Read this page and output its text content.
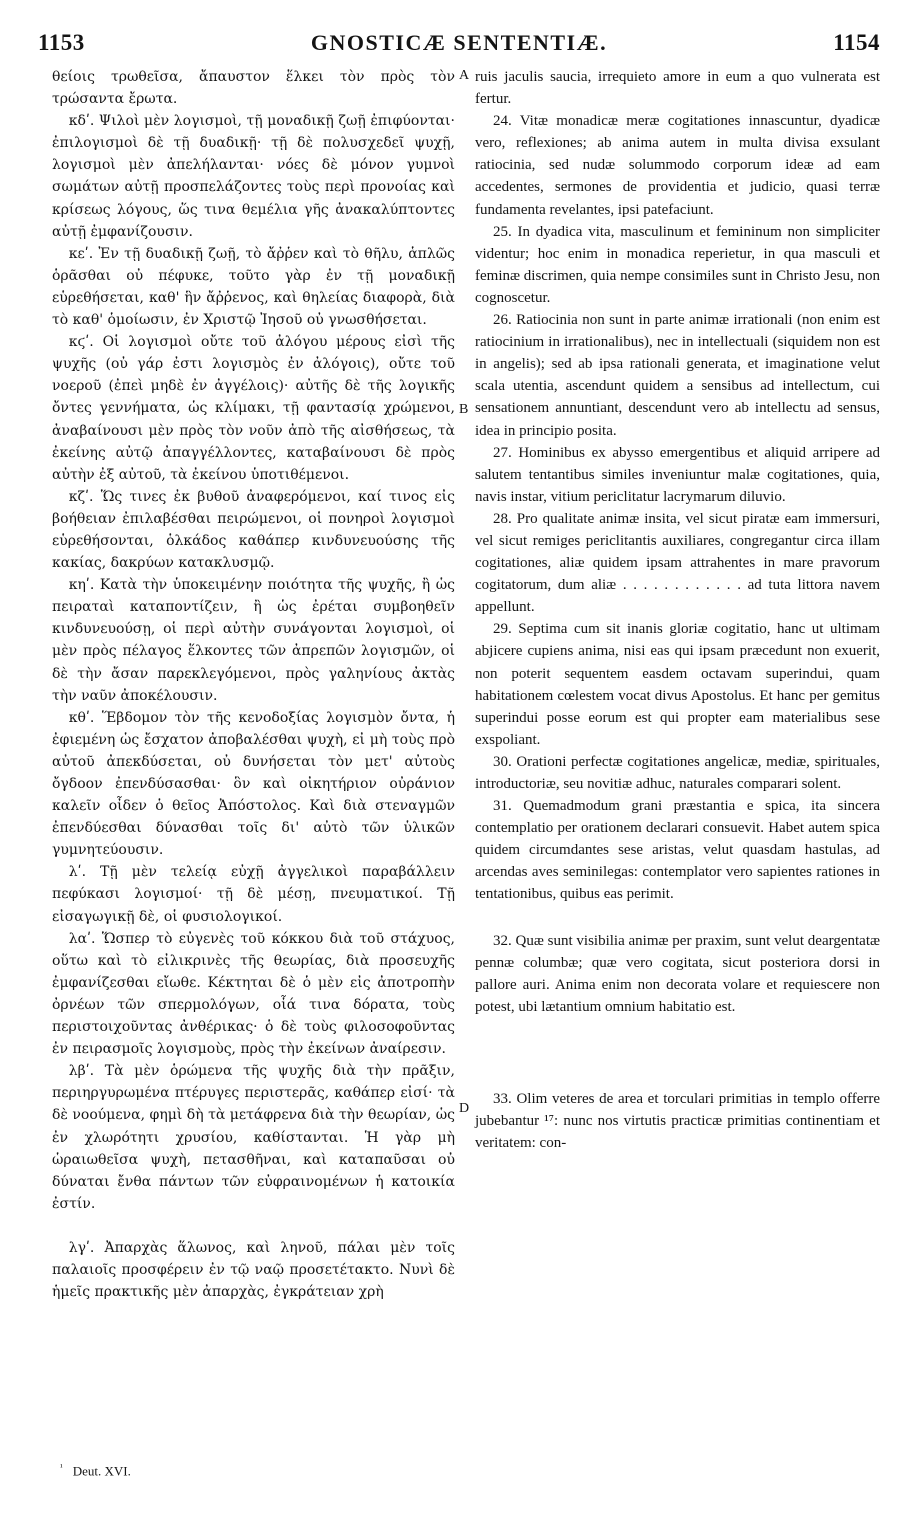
1153	GNOSTICÆ SENTENTIÆ.	1154

θείοις τρωθεῖσα, ἄπαυστον ἕλκει τὸν πρὸς τὸν τρώσαντα ἔρωτα.

κδʹ. Ψιλοὶ μὲν λογισμοὶ, τῇ μοναδικῇ ζωῇ ἐπιφύονται· ἐπιλογισμοὶ δὲ τῇ δυαδικῇ· τῇ δὲ πολυσχεδεῖ ψυχῇ, λογισμοὶ μὲν ἀπελήλανται· νόες δὲ μόνον γυμνοὶ σωμάτων αὐτῇ προσπελάζοντες τοὺς περὶ προνοίας καὶ κρίσεως λόγους, ὥς τινα θεμέλια γῆς ἀνακαλύπτοντες αὐτῇ ἐμφανίζουσιν.

κεʹ. Ἐν τῇ δυαδικῇ ζωῇ, τὸ ἄῤῥεν καὶ τὸ θῆλυ, ἁπλῶς ὁρᾶσθαι οὐ πέφυκε, τοῦτο γὰρ ἐν τῇ μοναδικῇ εὑρεθήσεται, καθ' ἣν ἄῤῥενος, καὶ θηλείας διαφορὰ, διὰ τὸ καθ' ὁμοίωσιν, ἐν Χριστῷ Ἰησοῦ οὐ γνωσθήσεται.

κϛʹ. Οἱ λογισμοὶ οὔτε τοῦ ἀλόγου μέρους εἰσὶ τῆς ψυχῆς (οὐ γάρ ἐστι λογισμὸς ἐν ἀλόγοις), οὔτε τοῦ νοεροῦ (ἐπεὶ μηδὲ ἐν ἀγγέλοις)· αὐτῆς δὲ τῆς λογικῆς ὄντες γεννήματα, ὡς κλίμακι, τῇ φαντασίᾳ χρώμενοι, ἀναβαίνουσι μὲν πρὸς τὸν νοῦν ἀπὸ τῆς αἰσθήσεως, τὰ ἐκείνης αὐτῷ ἀπαγγέλλοντες, καταβαίνουσι δὲ πρὸς αὐτὴν ἐξ αὐτοῦ, τὰ ἐκείνου ὑποτιθέμενοι.

κζʹ. Ὥς τινες ἐκ βυθοῦ ἀναφερόμενοι, καί τινος εἰς βοήθειαν ἐπιλαβέσθαι πειρώμενοι, οἱ πονηροὶ λογισμοὶ εὑρεθήσονται, ὁλκάδος καθάπερ κινδυνευούσης τῆς κακίας, δακρύων κατακλυσμῷ.

κηʹ. Κατὰ τὴν ὑποκειμένην ποιότητα τῆς ψυχῆς, ἢ ὡς πειραταὶ καταποντίζειν, ἢ ὡς ἐρέται συμβοηθεῖν κινδυνευούσῃ, οἱ περὶ αὐτὴν συνάγονται λογισμοὶ, οἱ μὲν πρὸς πέλαγος ἕλκοντες τῶν ἀπρεπῶν λογισμῶν, οἱ δὲ τὴν ἄσαν παρεκλεγόμενοι, πρὸς γαληνίους ἀκτὰς τὴν ναῦν ἀποκέλουσιν.

κθʹ. Ἕβδομον τὸν τῆς κενοδοξίας λογισμὸν ὄντα, ἡ ἐφιεμένη ὡς ἔσχατον ἀποβαλέσθαι ψυχὴ, εἰ μὴ τοὺς πρὸ αὐτοῦ ἀπεκδύσεται, οὐ δυνήσεται τὸν μετ' αὐτοὺς ὄγδοον ἐπενδύσασθαι· ὃν καὶ οἰκητήριον οὐράνιον καλεῖν οἶδεν ὁ θεῖος Ἀπόστολος. Καὶ διὰ στεναγμῶν ἐπενδύεσθαι δύνασθαι τοῖς δι' αὐτὸ τῶν ὑλικῶν γυμνητεύουσιν.

λʹ. Τῇ μὲν τελείᾳ εὐχῇ ἀγγελικοὶ παραβάλλειν πεφύκασι λογισμοί· τῇ δὲ μέσῃ, πνευματικοί. Τῇ εἰσαγωγικῇ δὲ, οἱ φυσιολογικοί.

λαʹ. Ὥσπερ τὸ εὐγενὲς τοῦ κόκκου διὰ τοῦ στάχυος, οὕτω καὶ τὸ εἰλικρινὲς τῆς θεωρίας, διὰ προσευχῆς ἐμφανίζεσθαι εἴωθε. Κέκτηται δὲ ὁ μὲν εἰς ἀποτροπὴν ὀρνέων τῶν σπερμολόγων, οἷά τινα δόρατα, τοὺς περιστοιχοῦντας ἀνθέρικας· ὁ δὲ τοὺς φιλοσοφοῦντας ἐν πειρασμοῖς λογισμοὺς, πρὸς τὴν ἐκείνων ἀναίρεσιν.

λβʹ. Τὰ μὲν ὁρώμενα τῆς ψυχῆς διὰ τὴν πρᾶξιν, περιηργυρωμένα πτέρυγες περιστερᾶς, καθάπερ εἰσί· τὰ δὲ νοούμενα, φημὶ δὴ τὰ μετάφρενα διὰ τὴν θεωρίαν, ὡς ἐν χλωρότητι χρυσίου, καθίστανται. Ἡ γὰρ μὴ ὡραιωθεῖσα ψυχὴ, πετασθῆναι, καὶ καταπαῦσαι οὐ δύναται ἔνθα πάντων τῶν εὐφραινομένων ἡ κατοικία ἐστίν.

λγʹ. Ἀπαρχὰς ἅλωνος, καὶ ληνοῦ, πάλαι μὲν τοῖς παλαιοῖς προσφέρειν ἐν τῷ ναῷ προσετέτακτο. Νυνὶ δὲ ἡμεῖς πρακτικῆς μὲν ἀπαρχὰς, ἐγκράτειαν χρὴ

ruis jaculis saucia, irrequieto amore in eum a quo vulnerata est fertur.

24. Vitæ monadicæ meræ cogitationes innascuntur, dyadicæ vero, reflexiones; ab anima autem in multa divisa exsulant ratiocinia, sed nudæ solummodo corporum ideæ ad eam accedentes, sermones de providentia et judicio, quasi terræ fundamenta revelantes, ipsi patefaciunt.

25. In dyadica vita, masculinum et femininum non simpliciter videntur; hoc enim in monadica reperietur, in qua masculi et feminæ discrimen, quia nempe consimiles sunt in Christo Jesu, non cognoscetur.

26. Ratiocinia non sunt in parte animæ irrationali (non enim est ratiocinium in irrationalibus), nec in intellectuali (siquidem non est in angelis); sed ab ipsa rationali generata, et imaginatione velut scala utentia, ascendunt quidem a sensibus ad intellectum, cui sensationem annuntiant, descendunt vero ab intellectu ad sensus, idea in principio posita.

27. Hominibus ex abysso emergentibus et aliquid arripere ad salutem tentantibus similes inveniuntur malæ cogitationes, quia, navis instar, vitium periclitatur lacrymarum diluvio.

28. Pro qualitate animæ insita, vel sicut piratæ eam immersuri, vel sicut remiges periclitantis auxiliares, congregantur circa illam cogitationes, aliæ quidem ipsam attrahentes in mare pravorum cogitatorum, dum aliæ . . . . . . . . . . . . ad tuta littora navem appellunt.

29. Septima cum sit inanis gloriæ cogitatio, hanc ut ultimam abjicere cupiens anima, nisi eas qui ipsam præcedunt non exuerit, non poterit sequentem easdem octavam superindui, quam habitationem cœlestem vocat divus Apostolus. Et hanc per gemitus superindui posse eorum est qui propter eam materialibus sese exspoliant.

30. Orationi perfectæ cogitationes angelicæ, mediæ, spirituales, introductoriæ, seu novitiæ adhuc, naturales comparari solent.

31. Quemadmodum grani præstantia e spica, ita sincera contemplatio per orationem declarari consuevit. Habet autem spica quidem circumdantes sese aristas, velut quasdam hastulas, ad arcendas aves seminilegas: contemplator vero sapientes rationes in tentationibus, quibus eas perimit.

32. Quæ sunt visibilia animæ per praxim, sunt velut deargentatæ pennæ columbæ; quæ vero cogitata, sicut posteriora dorsi in pallore auri. Anima enim non decorata volare et requiescere non potest, ubi lætantium omnium habitatio est.

33. Olim veteres de area et torculari primitias in templo offerre jubebantur ¹⁷: nunc nos virtutis practicæ primitias continentiam et veritatem: con-

A
B
D
$^{^1}$ Deut. XVI.
